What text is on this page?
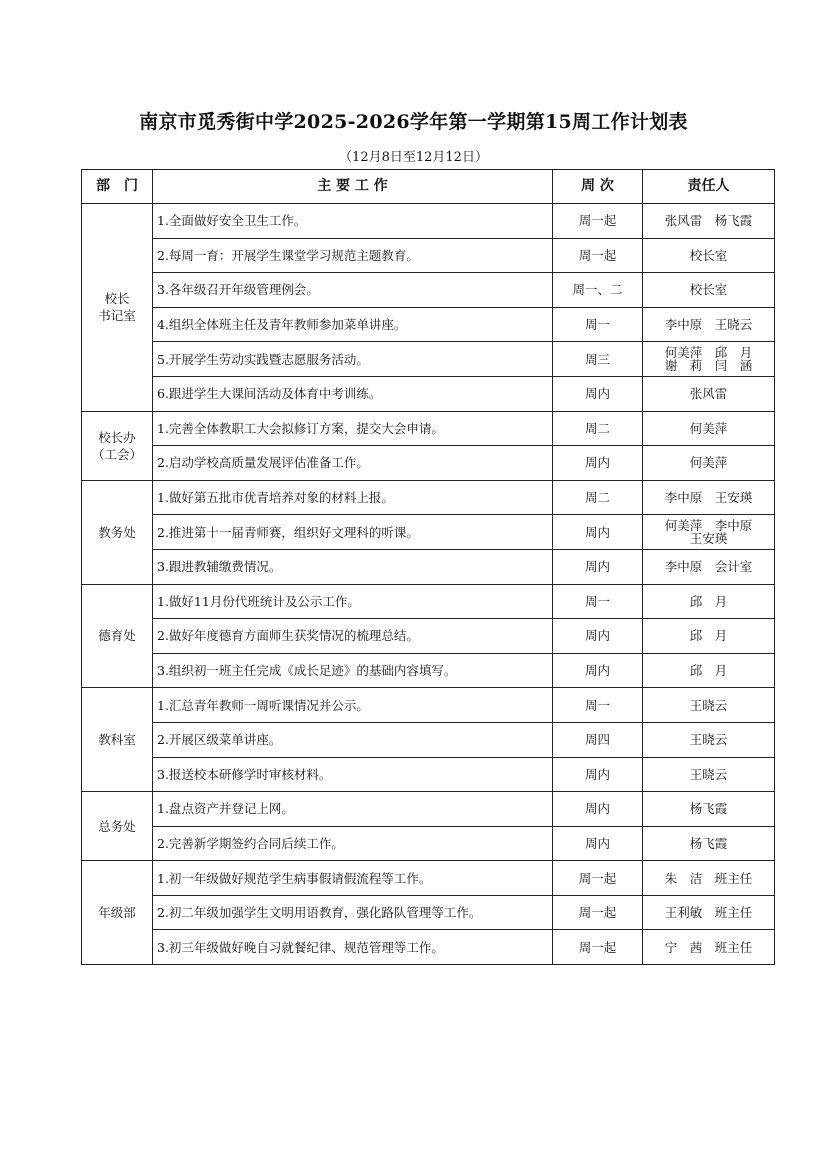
南京市觅秀街中学2025-2026学年第一学期第15周工作计划表
（12月8日至12月12日）
部　门	主 要 工 作	周 次	责任人

校长
书记室	1.全面做好安全卫生工作。	周一起	张风雷　杨飞霞

	2.每周一育：开展学生课堂学习规范主题教育。	周一起	校长室

	3.各年级召开年级管理例会。	周一、二	校长室

	4.组织全体班主任及青年教师参加菜单讲座。	周一	李中原　王晓云

	5.开展学生劳动实践暨志愿服务活动。	周三	何美萍　邱　月
谢　莉　闫　涵

	6.跟进学生大课间活动及体育中考训练。	周内	张风雷

校长办
（工会）	1.完善全体教职工大会拟修订方案，提交大会申请。	周二	何美萍

	2.启动学校高质量发展评估准备工作。	周内	何美萍

教务处	1.做好第五批市优青培养对象的材料上报。	周二	李中原　王安瑛

	2.推进第十一届青师赛，组织好文理科的听课。	周内	何美萍　李中原
王安瑛

	3.跟进教辅缴费情况。	周内	李中原　会计室

德育处	1.做好11月份代班统计及公示工作。	周一	邱　月

	2.做好年度德育方面师生获奖情况的梳理总结。	周内	邱　月

	3.组织初一班主任完成《成长足迹》的基础内容填写。	周内	邱　月

教科室	1.汇总青年教师一周听课情况并公示。	周一	王晓云

	2.开展区级菜单讲座。	周四	王晓云

	3.报送校本研修学时审核材料。	周内	王晓云

总务处	1.盘点资产并登记上网。	周内	杨飞霞

	2.完善新学期签约合同后续工作。	周内	杨飞霞

年级部	1.初一年级做好规范学生病事假请假流程等工作。	周一起	朱　洁　班主任

	2.初二年级加强学生文明用语教育，强化路队管理等工作。	周一起	王利敏　班主任

	3.初三年级做好晚自习就餐纪律、规范管理等工作。	周一起	宁　茜　班主任
